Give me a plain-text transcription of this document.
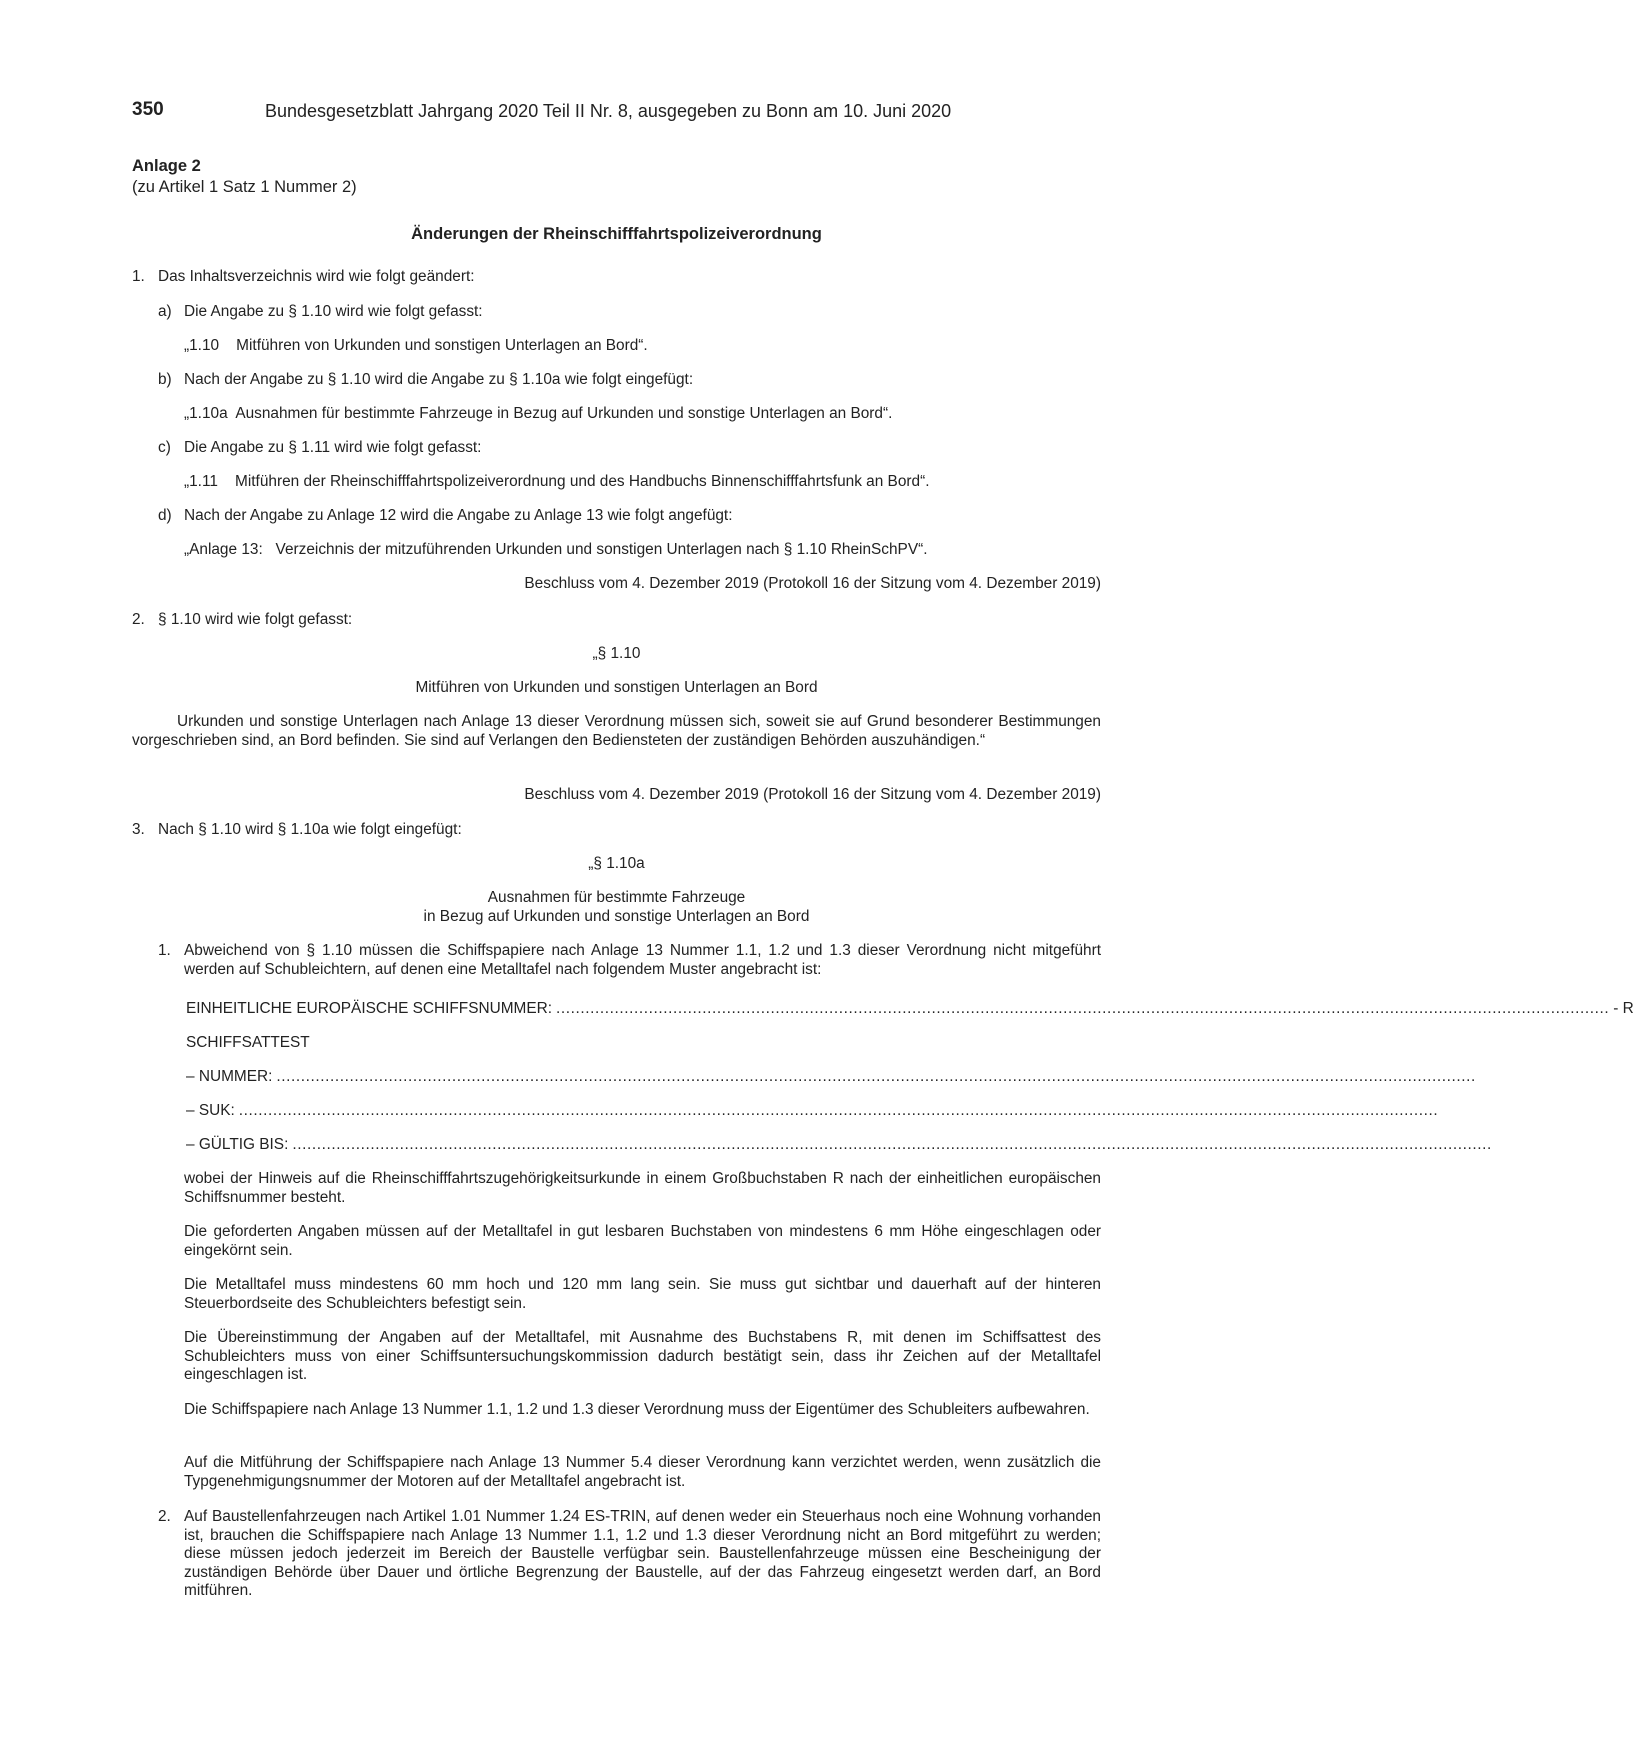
350	Bundesgesetzblatt Jahrgang 2020 Teil II Nr. 8, ausgegeben zu Bonn am 10. Juni 2020
Anlage 2
(zu Artikel 1 Satz 1 Nummer 2)
Änderungen der Rheinschifffahrtspolizeiverordnung
1. Das Inhaltsverzeichnis wird wie folgt geändert:
a) Die Angabe zu § 1.10 wird wie folgt gefasst:
„1.10    Mitführen von Urkunden und sonstigen Unterlagen an Bord“.
b) Nach der Angabe zu § 1.10 wird die Angabe zu § 1.10a wie folgt eingefügt:
„1.10a  Ausnahmen für bestimmte Fahrzeuge in Bezug auf Urkunden und sonstige Unterlagen an Bord“.
c) Die Angabe zu § 1.11 wird wie folgt gefasst:
„1.11    Mitführen der Rheinschifffahrtspolizeiverordnung und des Handbuchs Binnenschifffahrtsfunk an Bord“.
d) Nach der Angabe zu Anlage 12 wird die Angabe zu Anlage 13 wie folgt angefügt:
„Anlage 13:   Verzeichnis der mitzuführenden Urkunden und sonstigen Unterlagen nach § 1.10 RheinSchPV“.
Beschluss vom 4. Dezember 2019 (Protokoll 16 der Sitzung vom 4. Dezember 2019)
2. § 1.10 wird wie folgt gefasst:
„§ 1.10
Mitführen von Urkunden und sonstigen Unterlagen an Bord
Urkunden und sonstige Unterlagen nach Anlage 13 dieser Verordnung müssen sich, soweit sie auf Grund besonderer Bestimmungen vorgeschrieben sind, an Bord befinden. Sie sind auf Verlangen den Bediensteten der zuständigen Behörden auszuhändigen.“
Beschluss vom 4. Dezember 2019 (Protokoll 16 der Sitzung vom 4. Dezember 2019)
3. Nach § 1.10 wird § 1.10a wie folgt eingefügt:
„§ 1.10a
Ausnahmen für bestimmte Fahrzeuge
in Bezug auf Urkunden und sonstige Unterlagen an Bord
1. Abweichend von § 1.10 müssen die Schiffspapiere nach Anlage 13 Nummer 1.1, 1.2 und 1.3 dieser Verordnung nicht mitgeführt werden auf Schubleichtern, auf denen eine Metalltafel nach folgendem Muster angebracht ist:
EINHEITLICHE EUROPÄISCHE SCHIFFSNUMMER: ........................................................................................................................................................................................................................ - R
SCHIFFSATTEST
– NUMMER: ......................................................................................................................................................................................................................................................
– SUK: ......................................................................................................................................................................................................................................................
– GÜLTIG BIS: ......................................................................................................................................................................................................................................................
wobei der Hinweis auf die Rheinschifffahrtszugehörigkeitsurkunde in einem Großbuchstaben R nach der einheitlichen europäischen Schiffsnummer besteht.
Die geforderten Angaben müssen auf der Metalltafel in gut lesbaren Buchstaben von mindestens 6 mm Höhe eingeschlagen oder eingekörnt sein.
Die Metalltafel muss mindestens 60 mm hoch und 120 mm lang sein. Sie muss gut sichtbar und dauerhaft auf der hinteren Steuerbordseite des Schubleichters befestigt sein.
Die Übereinstimmung der Angaben auf der Metalltafel, mit Ausnahme des Buchstabens R, mit denen im Schiffsattest des Schubleichters muss von einer Schiffsuntersuchungskommission dadurch bestätigt sein, dass ihr Zeichen auf der Metalltafel eingeschlagen ist.
Die Schiffspapiere nach Anlage 13 Nummer 1.1, 1.2 und 1.3 dieser Verordnung muss der Eigentümer des Schubleiters aufbewahren.
Auf die Mitführung der Schiffspapiere nach Anlage 13 Nummer 5.4 dieser Verordnung kann verzichtet werden, wenn zusätzlich die Typgenehmigungsnummer der Motoren auf der Metalltafel angebracht ist.
2. Auf Baustellenfahrzeugen nach Artikel 1.01 Nummer 1.24 ES-TRIN, auf denen weder ein Steuerhaus noch eine Wohnung vorhanden ist, brauchen die Schiffspapiere nach Anlage 13 Nummer 1.1, 1.2 und 1.3 dieser Verordnung nicht an Bord mitgeführt zu werden; diese müssen jedoch jederzeit im Bereich der Baustelle verfügbar sein. Baustellenfahrzeuge müssen eine Bescheinigung der zuständigen Behörde über Dauer und örtliche Begrenzung der Baustelle, auf der das Fahrzeug eingesetzt werden darf, an Bord mitführen.
